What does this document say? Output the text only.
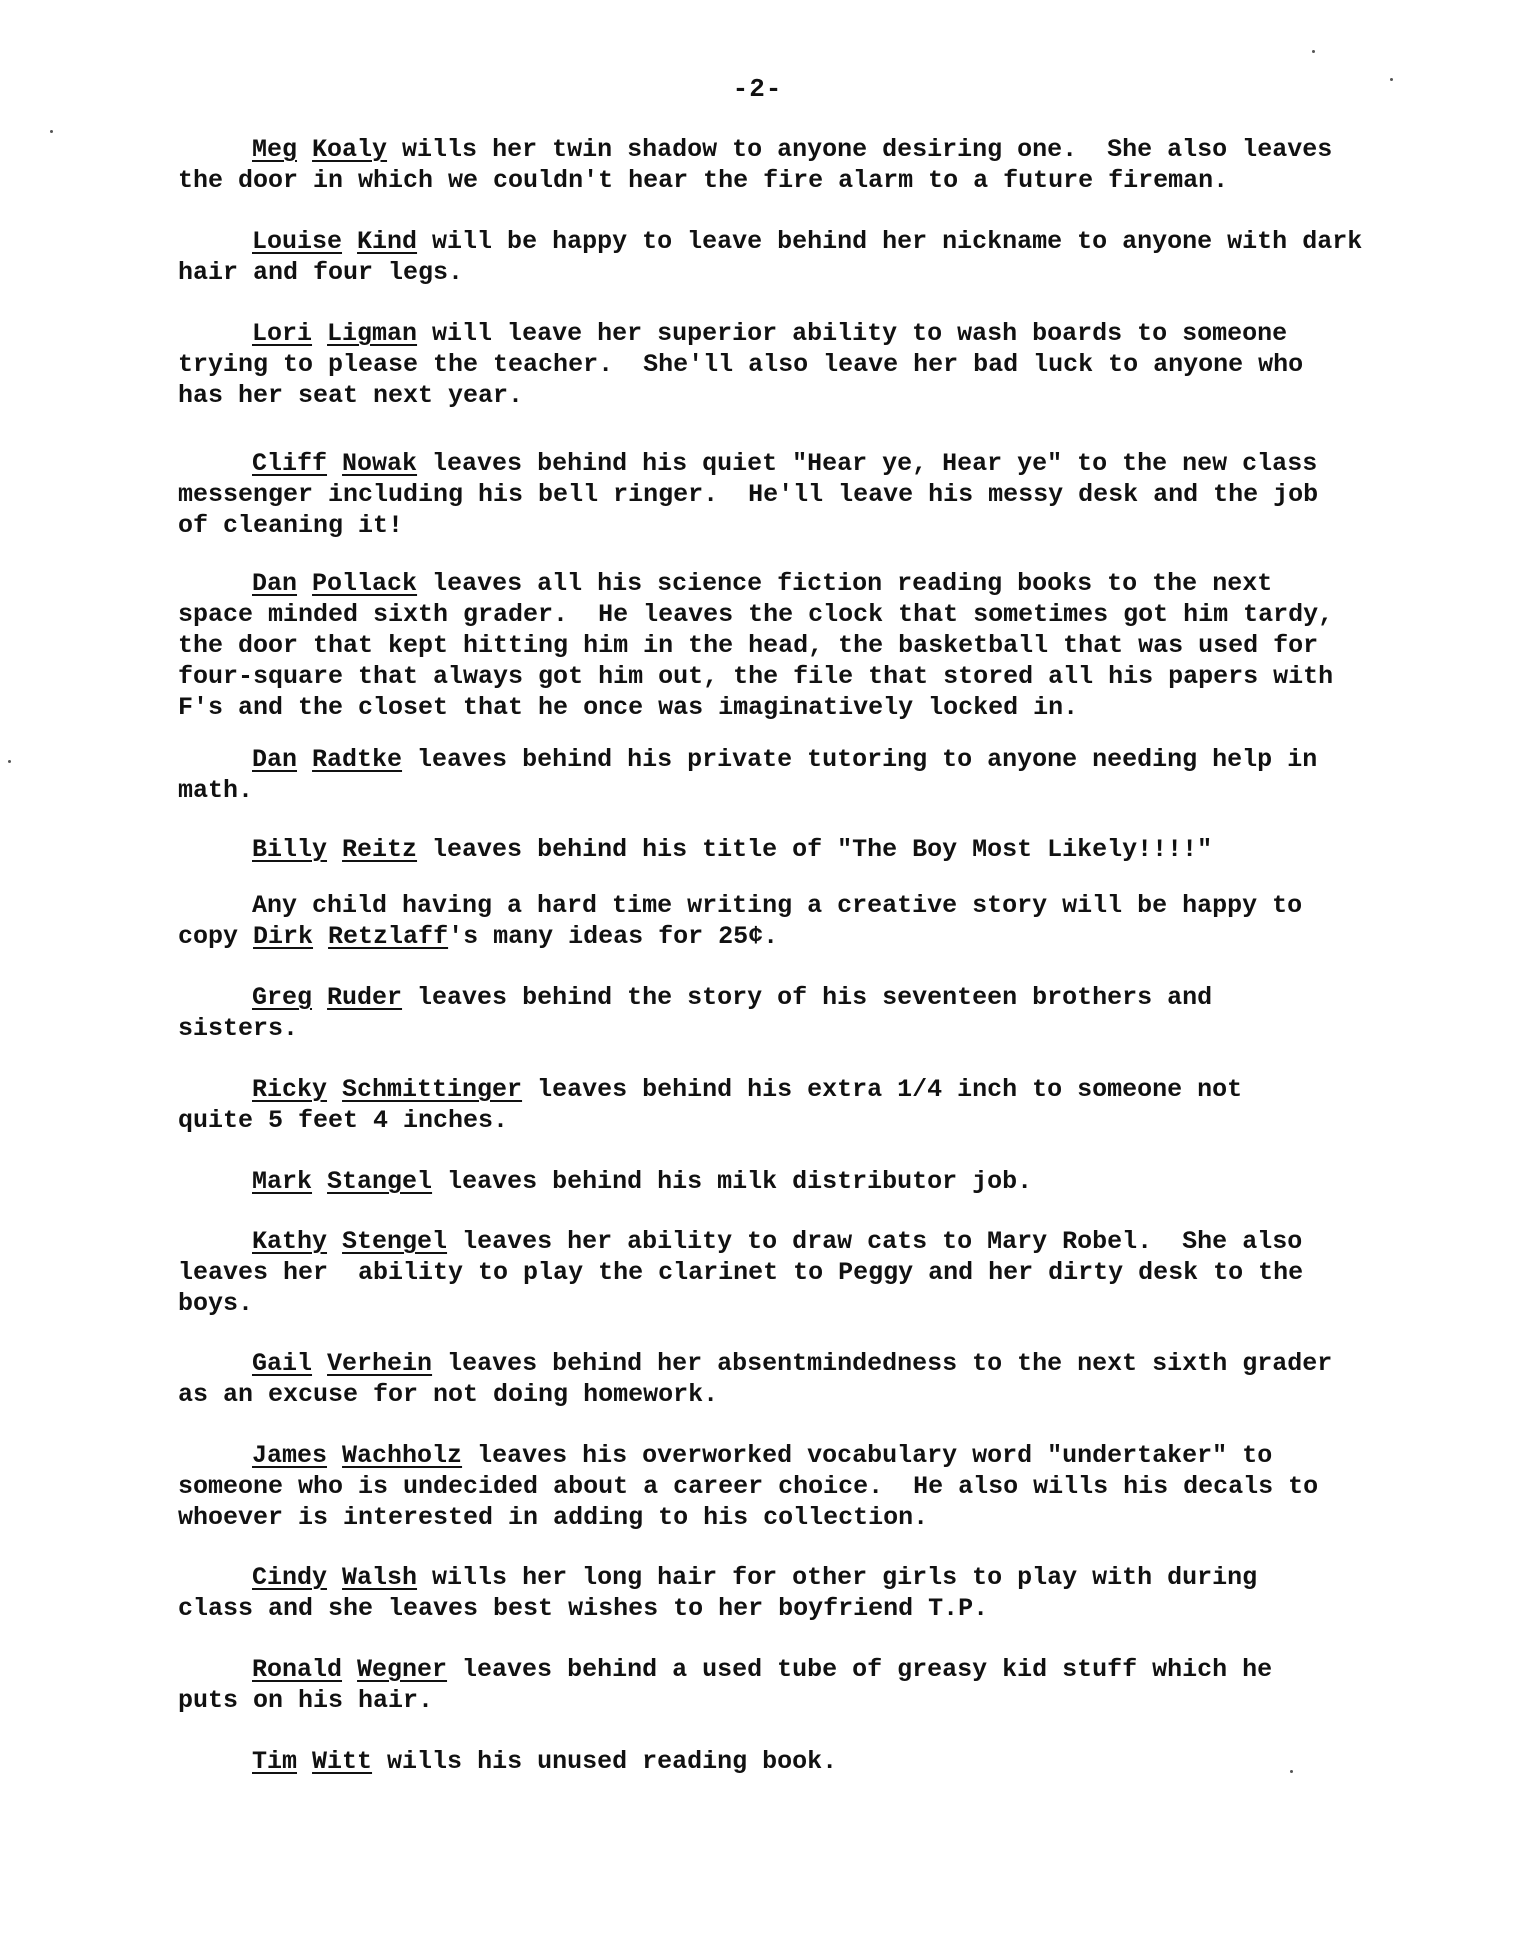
-2-
Meg Koaly wills her twin shadow to anyone desiring one.  She also leaves
the door in which we couldn't hear the fire alarm to a future fireman.
Louise Kind will be happy to leave behind her nickname to anyone with dark
hair and four legs.
Lori Ligman will leave her superior ability to wash boards to someone
trying to please the teacher.  She'll also leave her bad luck to anyone who
has her seat next year.
Cliff Nowak leaves behind his quiet "Hear ye, Hear ye" to the new class
messenger including his bell ringer.  He'll leave his messy desk and the job
of cleaning it!
Dan Pollack leaves all his science fiction reading books to the next
space minded sixth grader.  He leaves the clock that sometimes got him tardy,
the door that kept hitting him in the head, the basketball that was used for
four-square that always got him out, the file that stored all his papers with
F's and the closet that he once was imaginatively locked in.
Dan Radtke leaves behind his private tutoring to anyone needing help in
math.
Billy Reitz leaves behind his title of "The Boy Most Likely!!!!"
Any child having a hard time writing a creative story will be happy to
copy Dirk Retzlaff's many ideas for 25¢.
Greg Ruder leaves behind the story of his seventeen brothers and
sisters.
Ricky Schmittinger leaves behind his extra 1/4 inch to someone not
quite 5 feet 4 inches.
Mark Stangel leaves behind his milk distributor job.
Kathy Stengel leaves her ability to draw cats to Mary Robel.  She also
leaves her  ability to play the clarinet to Peggy and her dirty desk to the
boys.
Gail Verhein leaves behind her absentmindedness to the next sixth grader
as an excuse for not doing homework.
James Wachholz leaves his overworked vocabulary word "undertaker" to
someone who is undecided about a career choice.  He also wills his decals to
whoever is interested in adding to his collection.
Cindy Walsh wills her long hair for other girls to play with during
class and she leaves best wishes to her boyfriend T.P.
Ronald Wegner leaves behind a used tube of greasy kid stuff which he
puts on his hair.
Tim Witt wills his unused reading book.
